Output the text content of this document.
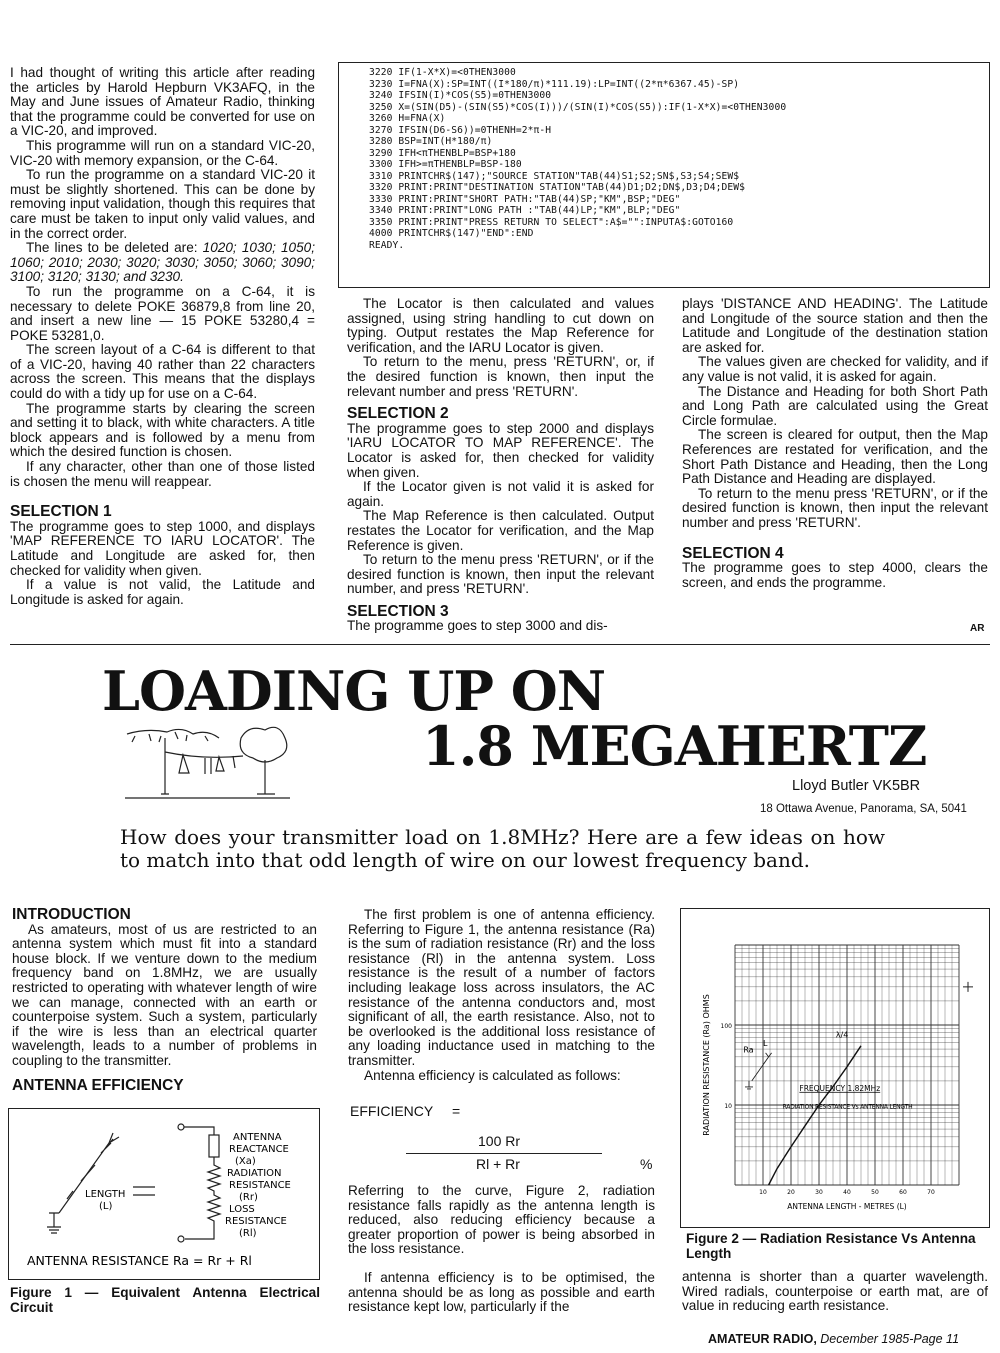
I had thought of writing this article after reading the articles by Harold Hepburn VK3AFQ, in the May and June issues of Amateur Radio, thinking that the programme could be converted for use on a VIC-20, and improved.

This programme will run on a standard VIC-20, VIC-20 with memory expansion, or the C-64.

To run the programme on a standard VIC-20 it must be slightly shortened. This can be done by removing input validation, though this requires that care must be taken to input only valid values, and in the correct order.

The lines to be deleted are: 1020; 1030; 1050; 1060; 2010; 2030; 3020; 3030; 3050; 3060; 3090; 3100; 3120; 3130; and 3230.

To run the programme on a C-64, it is necessary to delete POKE 36879,8 from line 20, and insert a new line — 15 POKE 53280,4 = POKE 53281,0.

The screen layout of a C-64 is different to that of a VIC-20, having 40 rather than 22 characters across the screen. This means that the displays could do with a tidy up for use on a C-64.

The programme starts by clearing the screen and setting it to black, with white characters. A title block appears and is followed by a menu from which the desired function is chosen.

If any character, other than one of those listed is chosen the menu will reappear.

SELECTION 1

The programme goes to step 1000, and displays 'MAP REFERENCE TO IARU LOCATOR'. The Latitude and Longitude are asked for, then checked for validity when given.

If a value is not valid, the Latitude and Longitude is asked for again.

3220 IF(1-X*X)=<0THEN3000
3230 I=FNA(X):SP=INT((I*180/π)*111.19):LP=INT((2*π*6367.45)-SP)
3240 IFSIN(I)*COS(S5)=0THEN3000
3250 X=(SIN(D5)-(SIN(S5)*COS(I)))/(SIN(I)*COS(S5)):IF(1-X*X)=<0THEN3000
3260 H=FNA(X)
3270 IFSIN(D6-S6))=0THENH=2*π-H
3280 BSP=INT(H*180/π)
3290 IFH<πTHENBLP=BSP+180
3300 IFH>=πTHENBLP=BSP-180
3310 PRINTCHR$(147);"SOURCE STATION"TAB(44)S1;S2;SN$,S3;S4;SEW$
3320 PRINT:PRINT"DESTINATION STATION"TAB(44)D1;D2;DN$,D3;D4;DEW$
3330 PRINT:PRINT"SHORT PATH:"TAB(44)SP;"KM",BSP;"DEG"
3340 PRINT:PRINT"LONG PATH :"TAB(44)LP;"KM",BLP;"DEG"
3350 PRINT:PRINT"PRESS RETURN TO SELECT":A$="":INPUTA$:GOTO160
4000 PRINTCHR$(147)"END":END
READY.

The Locator is then calculated and values assigned, using string handling to cut down on typing. Output restates the Map Reference for verification, and the IARU Locator is given.

To return to the menu, press 'RETURN', or, if the desired function is known, then input the relevant number and press 'RETURN'.

SELECTION 2

The programme goes to step 2000 and displays 'IARU LOCATOR TO MAP REFERENCE'. The Locator is asked for, then checked for validity when given.

If the Locator given is not valid it is asked for again.

The Map Reference is then calculated. Output restates the Locator for verification, and the Map Reference is given.

To return to the menu press 'RETURN', or if the desired function is known, then input the relevant number, and press 'RETURN'.

SELECTION 3

The programme goes to step 3000 and dis-

plays 'DISTANCE AND HEADING'. The Latitude and Longitude of the source station and then the Latitude and Longitude of the destination station are asked for.

The values given are checked for validity, and if any value is not valid, it is asked for again.

The Distance and Heading for both Short Path and Long Path are calculated using the Great Circle formulae.

The screen is cleared for output, then the Map References are restated for verification, and the Short Path Distance and Heading, then the Long Path Distance and Heading are displayed.

To return to the menu press 'RETURN', or if the desired function is known, then input the relevant number and press 'RETURN'.

SELECTION 4

The programme goes to step 4000, clears the screen, and ends the programme.

AR
LOADING UP ON
1.8 MEGAHERTZ
Lloyd Butler VK5BR
18 Ottawa Avenue, Panorama, SA, 5041
How does your transmitter load on 1.8MHz? Here are a few ideas on how to match into that odd length of wire on our lowest frequency band.

INTRODUCTION

As amateurs, most of us are restricted to an antenna system which must fit into a standard house block. If we venture down to the medium frequency band on 1.8MHz, we are usually restricted to operating with whatever length of wire we can manage, connected with an earth or counterpoise system. Such a system, particularly if the wire is less than an electrical quarter wavelength, leads to a number of problems in coupling to the transmitter.

ANTENNA EFFICIENCY

ANTENNA
REACTANCE
(Xa)
RADIATION
RESISTANCE
(Rr)
LOSS
RESISTANCE
(Rl)
LENGTH
(L)
ANTENNA RESISTANCE Ra = Rr + Rl
Figure 1 — Equivalent Antenna Electrical Circuit

The first problem is one of antenna efficiency. Referring to Figure 1, the antenna resistance (Ra) is the sum of radiation resistance (Rr) and the loss resistance (Rl) in the antenna system. Loss resistance is the result of a number of factors including leakage loss across insulators, the AC resistance of the antenna conductors and, most significant of all, the earth resistance. Also, not to be overlooked is the additional loss resistance of any loading inductance used in matching to the transmitter.

Antenna efficiency is calculated as follows:

EFFICIENCY =
100 Rr
Rl + Rr	%

Referring to the curve, Figure 2, radiation resistance falls rapidly as the antenna length is reduced, also reducing efficiency because a greater proportion of power is being absorbed in the loss resistance.

If antenna efficiency is to be optimised, the antenna should be as long as possible and earth resistance kept low, particularly if the

100
10
10	20	30	40	50	60	70
RADIATION RESISTANCE (Ra) OHMS
ANTENNA LENGTH - METRES (L)
λ/4
Ra
L
FREQUENCY 1.82MHz
RADIATION RESISTANCE Vs ANTENNA LENGTH
Figure 2 — Radiation Resistance Vs Antenna Length
antenna is shorter than a quarter wavelength. Wired radials, counterpoise or earth mat, are of value in reducing earth resistance.
AMATEUR RADIO, December 1985-Page 11
